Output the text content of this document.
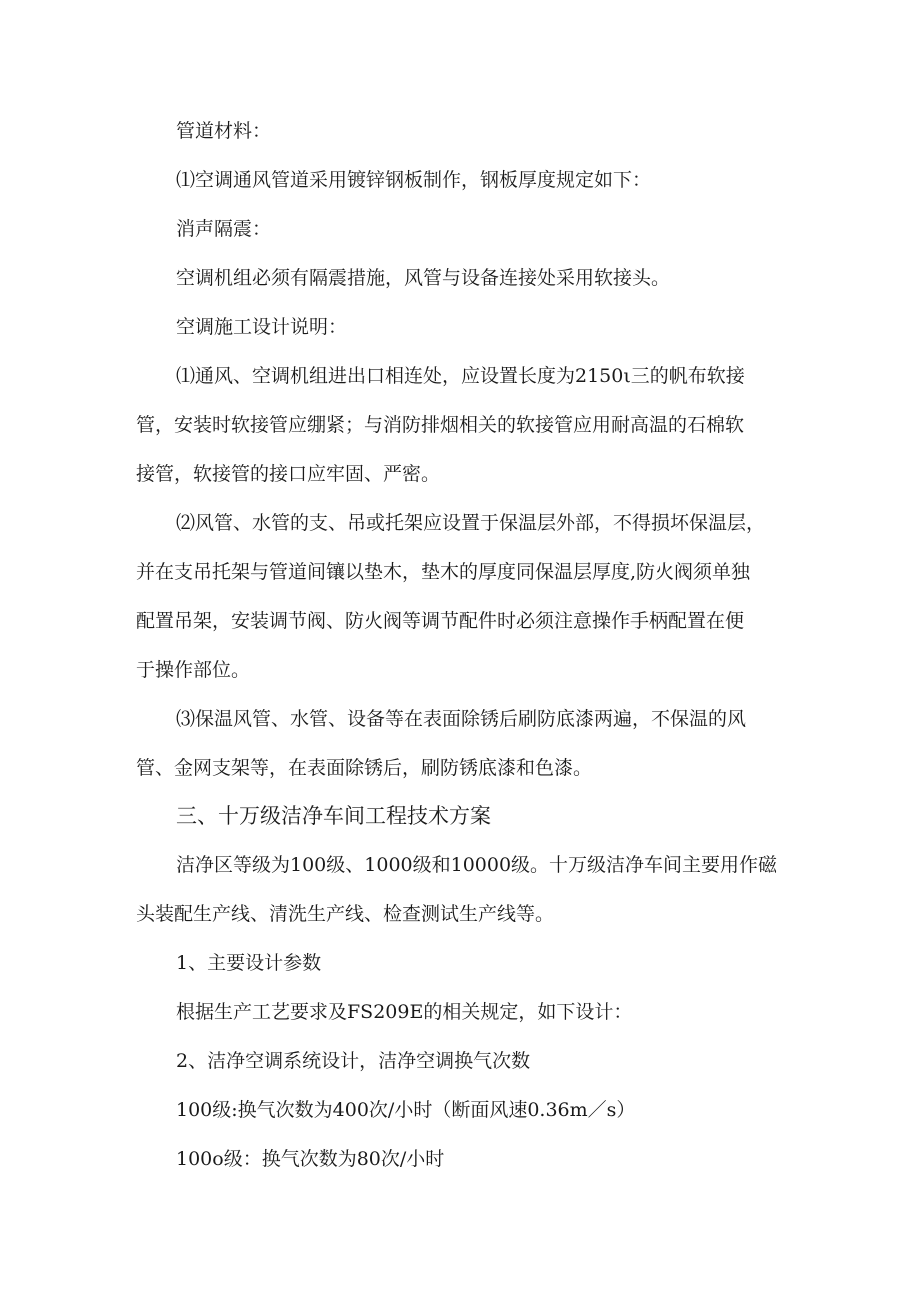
管道材料：
⑴空调通风管道采用镀锌钢板制作，钢板厚度规定如下：
消声隔震：
空调机组必须有隔震措施，风管与设备连接处采用软接头。
空调施工设计说明：
⑴通风、空调机组进出口相连处，应设置长度为2150ι三的帆布软接
管，安装时软接管应绷紧；与消防排烟相关的软接管应用耐高温的石棉软
接管，软接管的接口应牢固、严密。
⑵风管、水管的支、吊或托架应设置于保温层外部，不得损坏保温层，
并在支吊托架与管道间镶以垫木，垫木的厚度同保温层厚度,防火阀须单独
配置吊架，安装调节阀、防火阀等调节配件时必须注意操作手柄配置在便
于操作部位。
⑶保温风管、水管、设备等在表面除锈后刷防底漆两遍，不保温的风
管、金网支架等，在表面除锈后，刷防锈底漆和色漆。
三、十万级洁净车间工程技术方案
洁净区等级为100级、1000级和10000级。十万级洁净车间主要用作磁
头装配生产线、清洗生产线、检查测试生产线等。
1、主要设计参数
根据生产工艺要求及FS209E的相关规定，如下设计：
2、洁净空调系统设计，洁净空调换气次数
100级:换气次数为400次/小时（断面风速0.36m／s）
100o级：换气次数为80次/小时
